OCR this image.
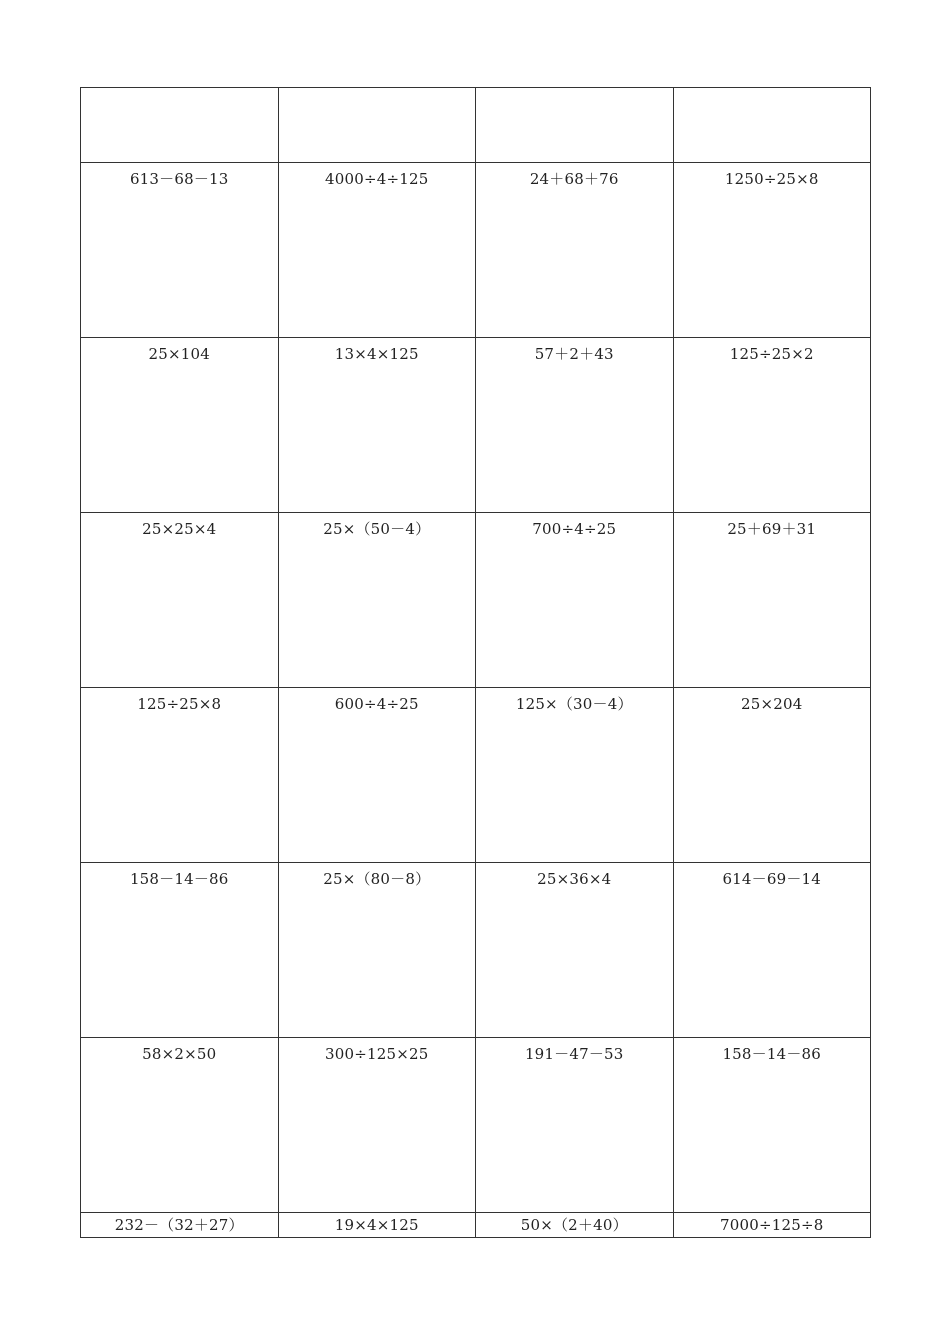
613－68－13	4000÷4÷125	24＋68＋76	1250÷25×8

25×104	13×4×125	57＋2＋43	125÷25×2

25×25×4	25×（50－4）	700÷4÷25	25＋69＋31

125÷25×8	600÷4÷25	125×（30－4）	25×204

158－14－86	25×（80－8）	25×36×4	614－69－14

58×2×50	300÷125×25	191－47－53	158－14－86

232－（32＋27）	19×4×125	50×（2＋40）	7000÷125÷8
